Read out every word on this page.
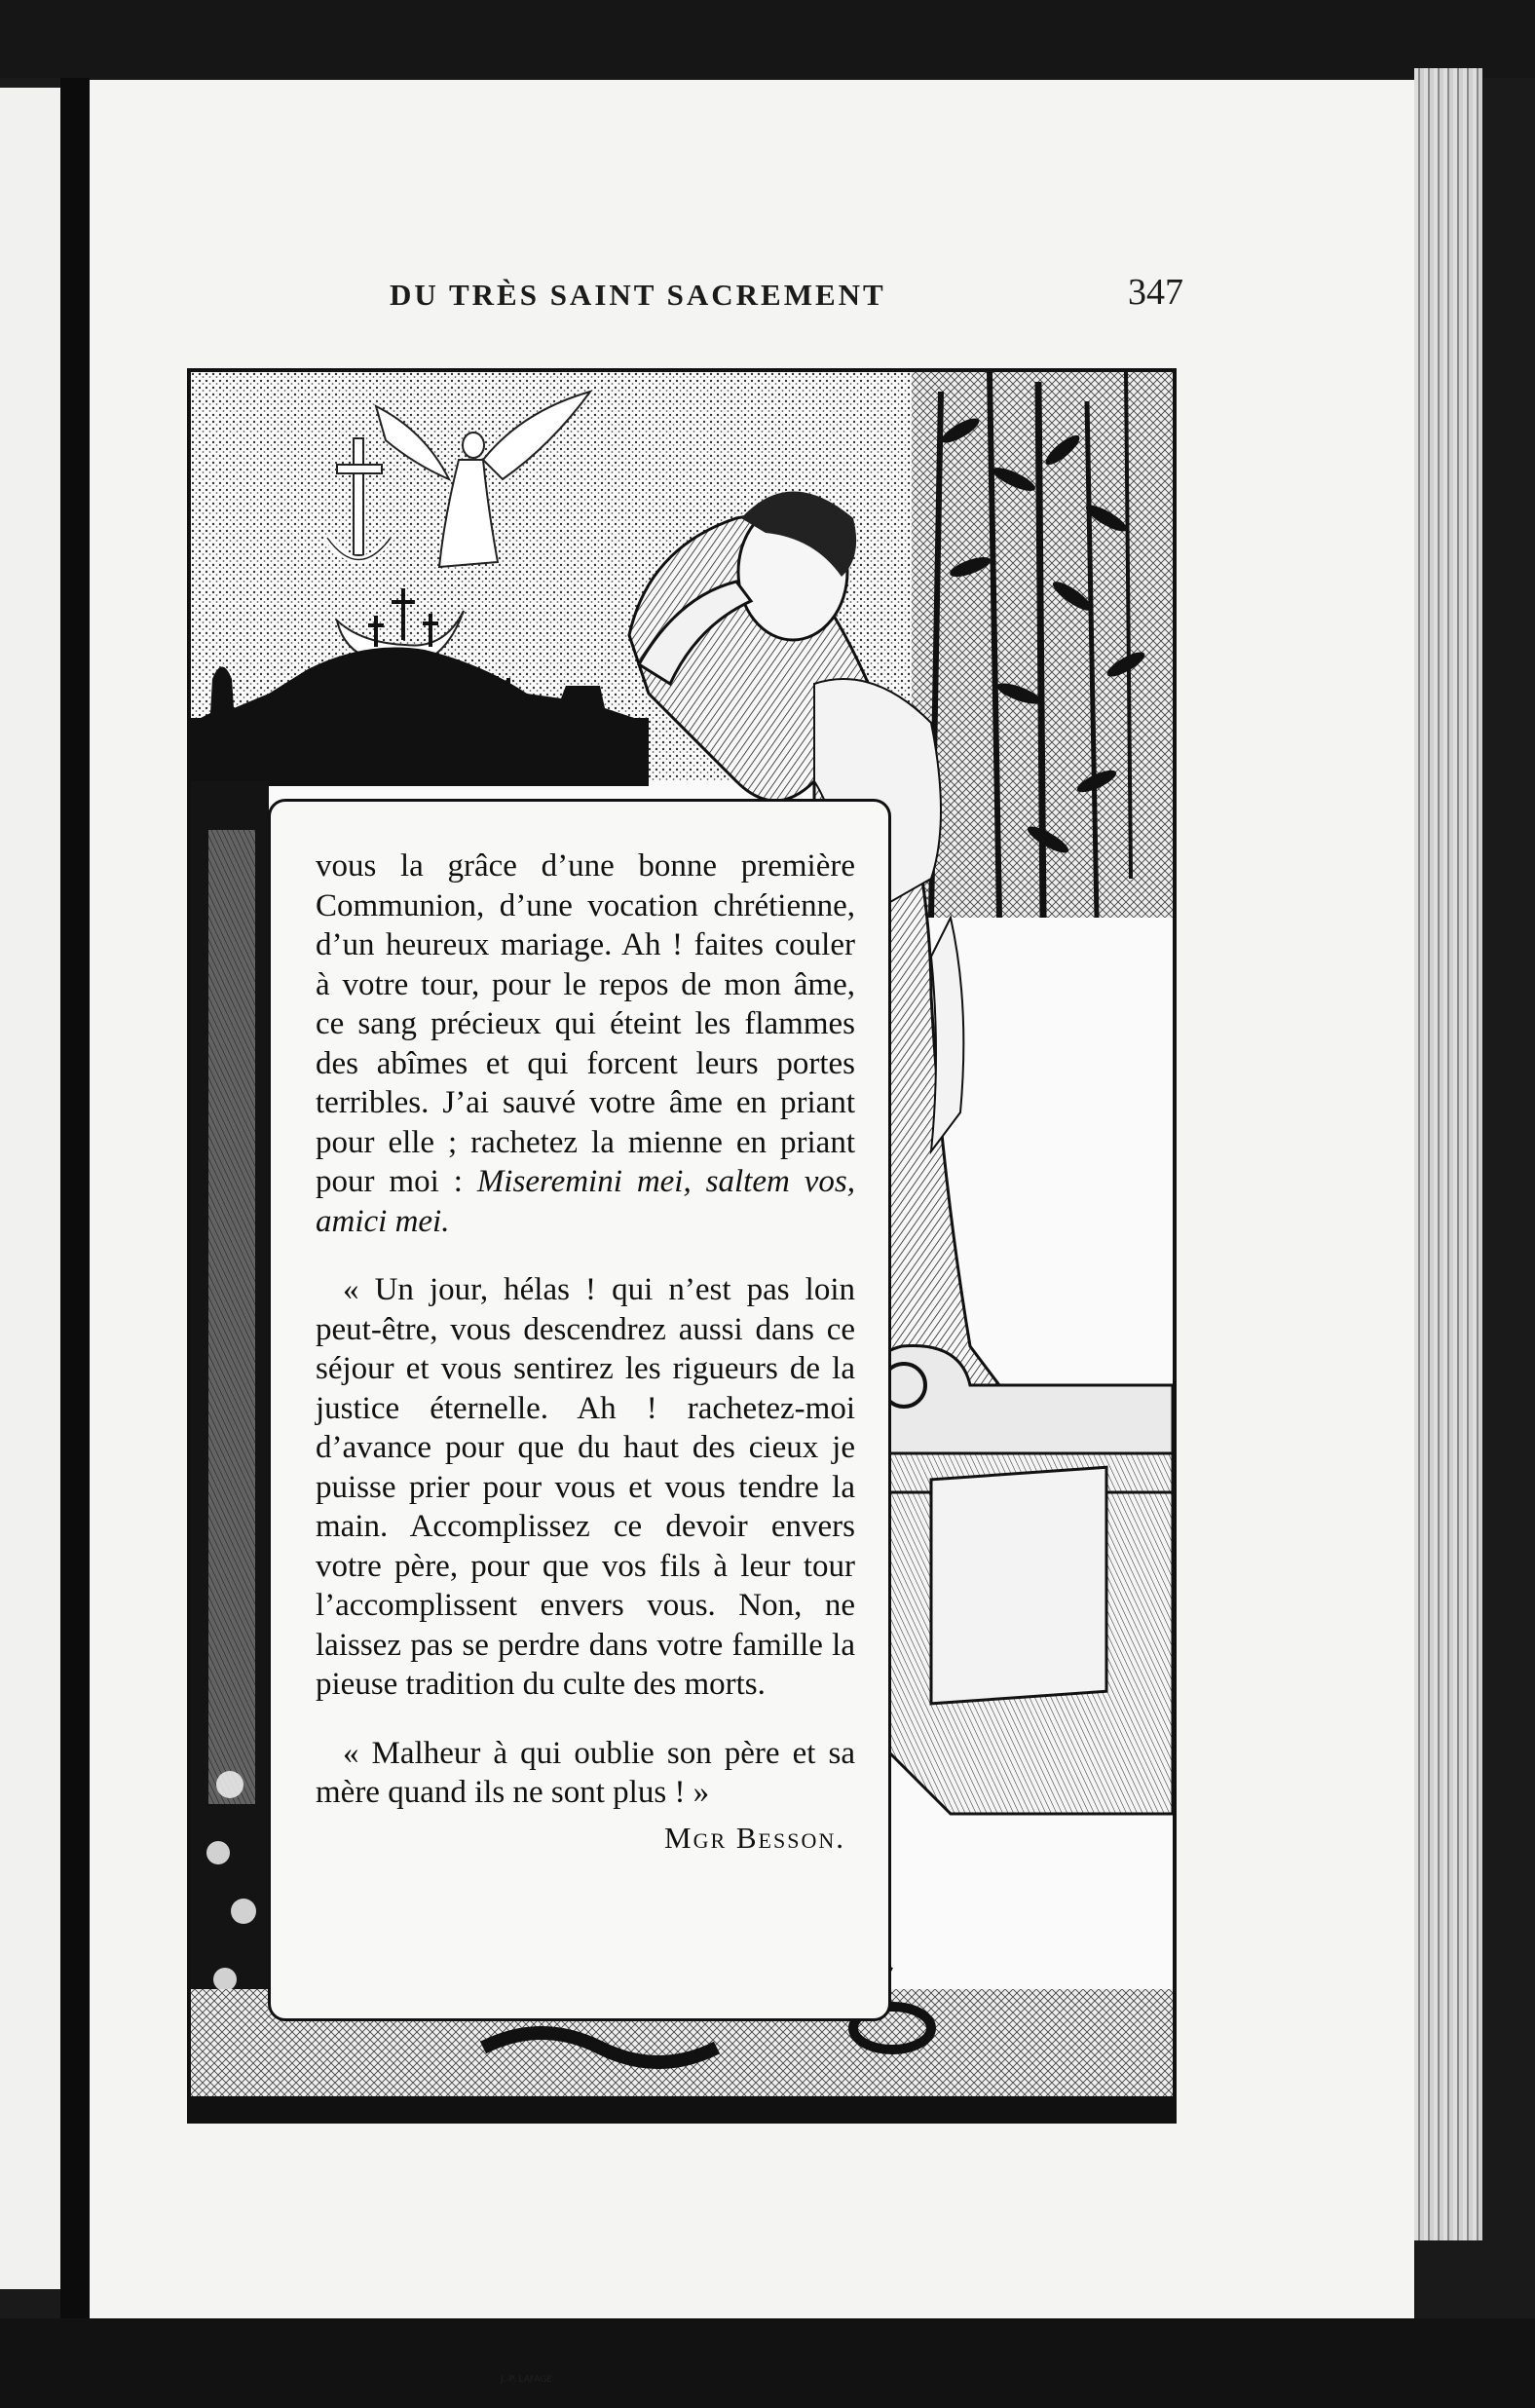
DU TRÈS SAINT SACREMENT	347
J.-P. LAFAGE

vous la grâce d’une bonne première Communion, d’une vocation chrétienne, d’un heureux mariage. Ah ! faites couler à votre tour, pour le repos de mon âme, ce sang précieux qui éteint les flammes des abîmes et qui forcent leurs portes terribles. J’ai sauvé votre âme en priant pour elle ; rachetez la mienne en priant pour moi : Miseremini mei, saltem vos, amici mei.

« Un jour, hélas ! qui n’est pas loin peut-être, vous descendrez aussi dans ce séjour et vous sentirez les rigueurs de la justice éternelle. Ah ! rachetez-moi d’avance pour que du haut des cieux je puisse prier pour vous et vous tendre la main. Accomplissez ce devoir envers votre père, pour que vos fils à leur tour l’accomplissent envers vous. Non, ne laissez pas se perdre dans votre famille la pieuse tradition du culte des morts.

« Malheur à qui oublie son père et sa mère quand ils ne sont plus ! »

Mgr Besson.
